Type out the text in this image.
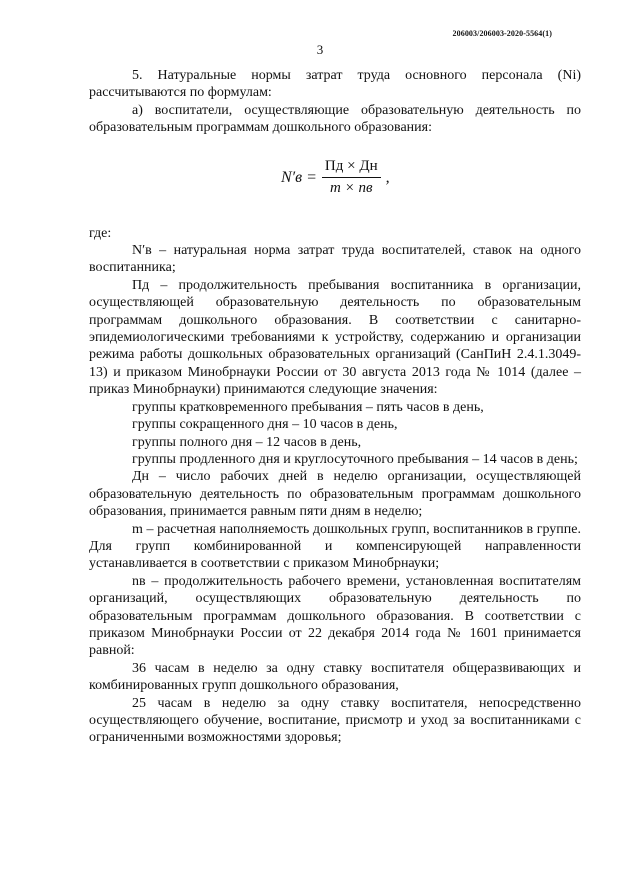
206003/206003-2020-5564(1)
3

5. Натуральные нормы затрат труда основного персонала (Ni) рассчитываются по формулам:

а) воспитатели, осуществляющие образовательную деятельность по образовательным программам дошкольного образования:

$N'в = \frac{Пд \times Дн}{m \times nв}$ ,

где:

N′в – натуральная норма затрат труда воспитателей, ставок на одного воспитанника;

Пд – продолжительность пребывания воспитанника в организации, осуществляющей образовательную деятельность по образовательным программам дошкольного образования. В соответствии с санитарно-эпидемиологическими требованиями к устройству, содержанию и организации режима работы дошкольных образовательных организаций (СанПиН 2.4.1.3049-13) и приказом Минобрнауки России от 30 августа 2013 года № 1014 (далее – приказ Минобрнауки) принимаются следующие значения:

группы кратковременного пребывания – пять часов в день,

группы сокращенного дня – 10 часов в день,

группы полного дня – 12 часов в день,

группы продленного дня и круглосуточного пребывания – 14 часов в день;

Дн – число рабочих дней в неделю организации, осуществляющей образовательную деятельность по образовательным программам дошкольного образования, принимается равным пяти дням в неделю;

m – расчетная наполняемость дошкольных групп, воспитанников в группе. Для групп комбинированной и компенсирующей направленности устанавливается в соответствии с приказом Минобрнауки;

nв – продолжительность рабочего времени, установленная воспитателям организаций, осуществляющих образовательную деятельность по образовательным программам дошкольного образования. В соответствии с приказом Минобрнауки России от 22 декабря 2014 года № 1601 принимается равной:

36 часам в неделю за одну ставку воспитателя общеразвивающих и комбинированных групп дошкольного образования,

25 часам в неделю за одну ставку воспитателя, непосредственно осуществляющего обучение, воспитание, присмотр и уход за воспитанниками с ограниченными возможностями здоровья;
